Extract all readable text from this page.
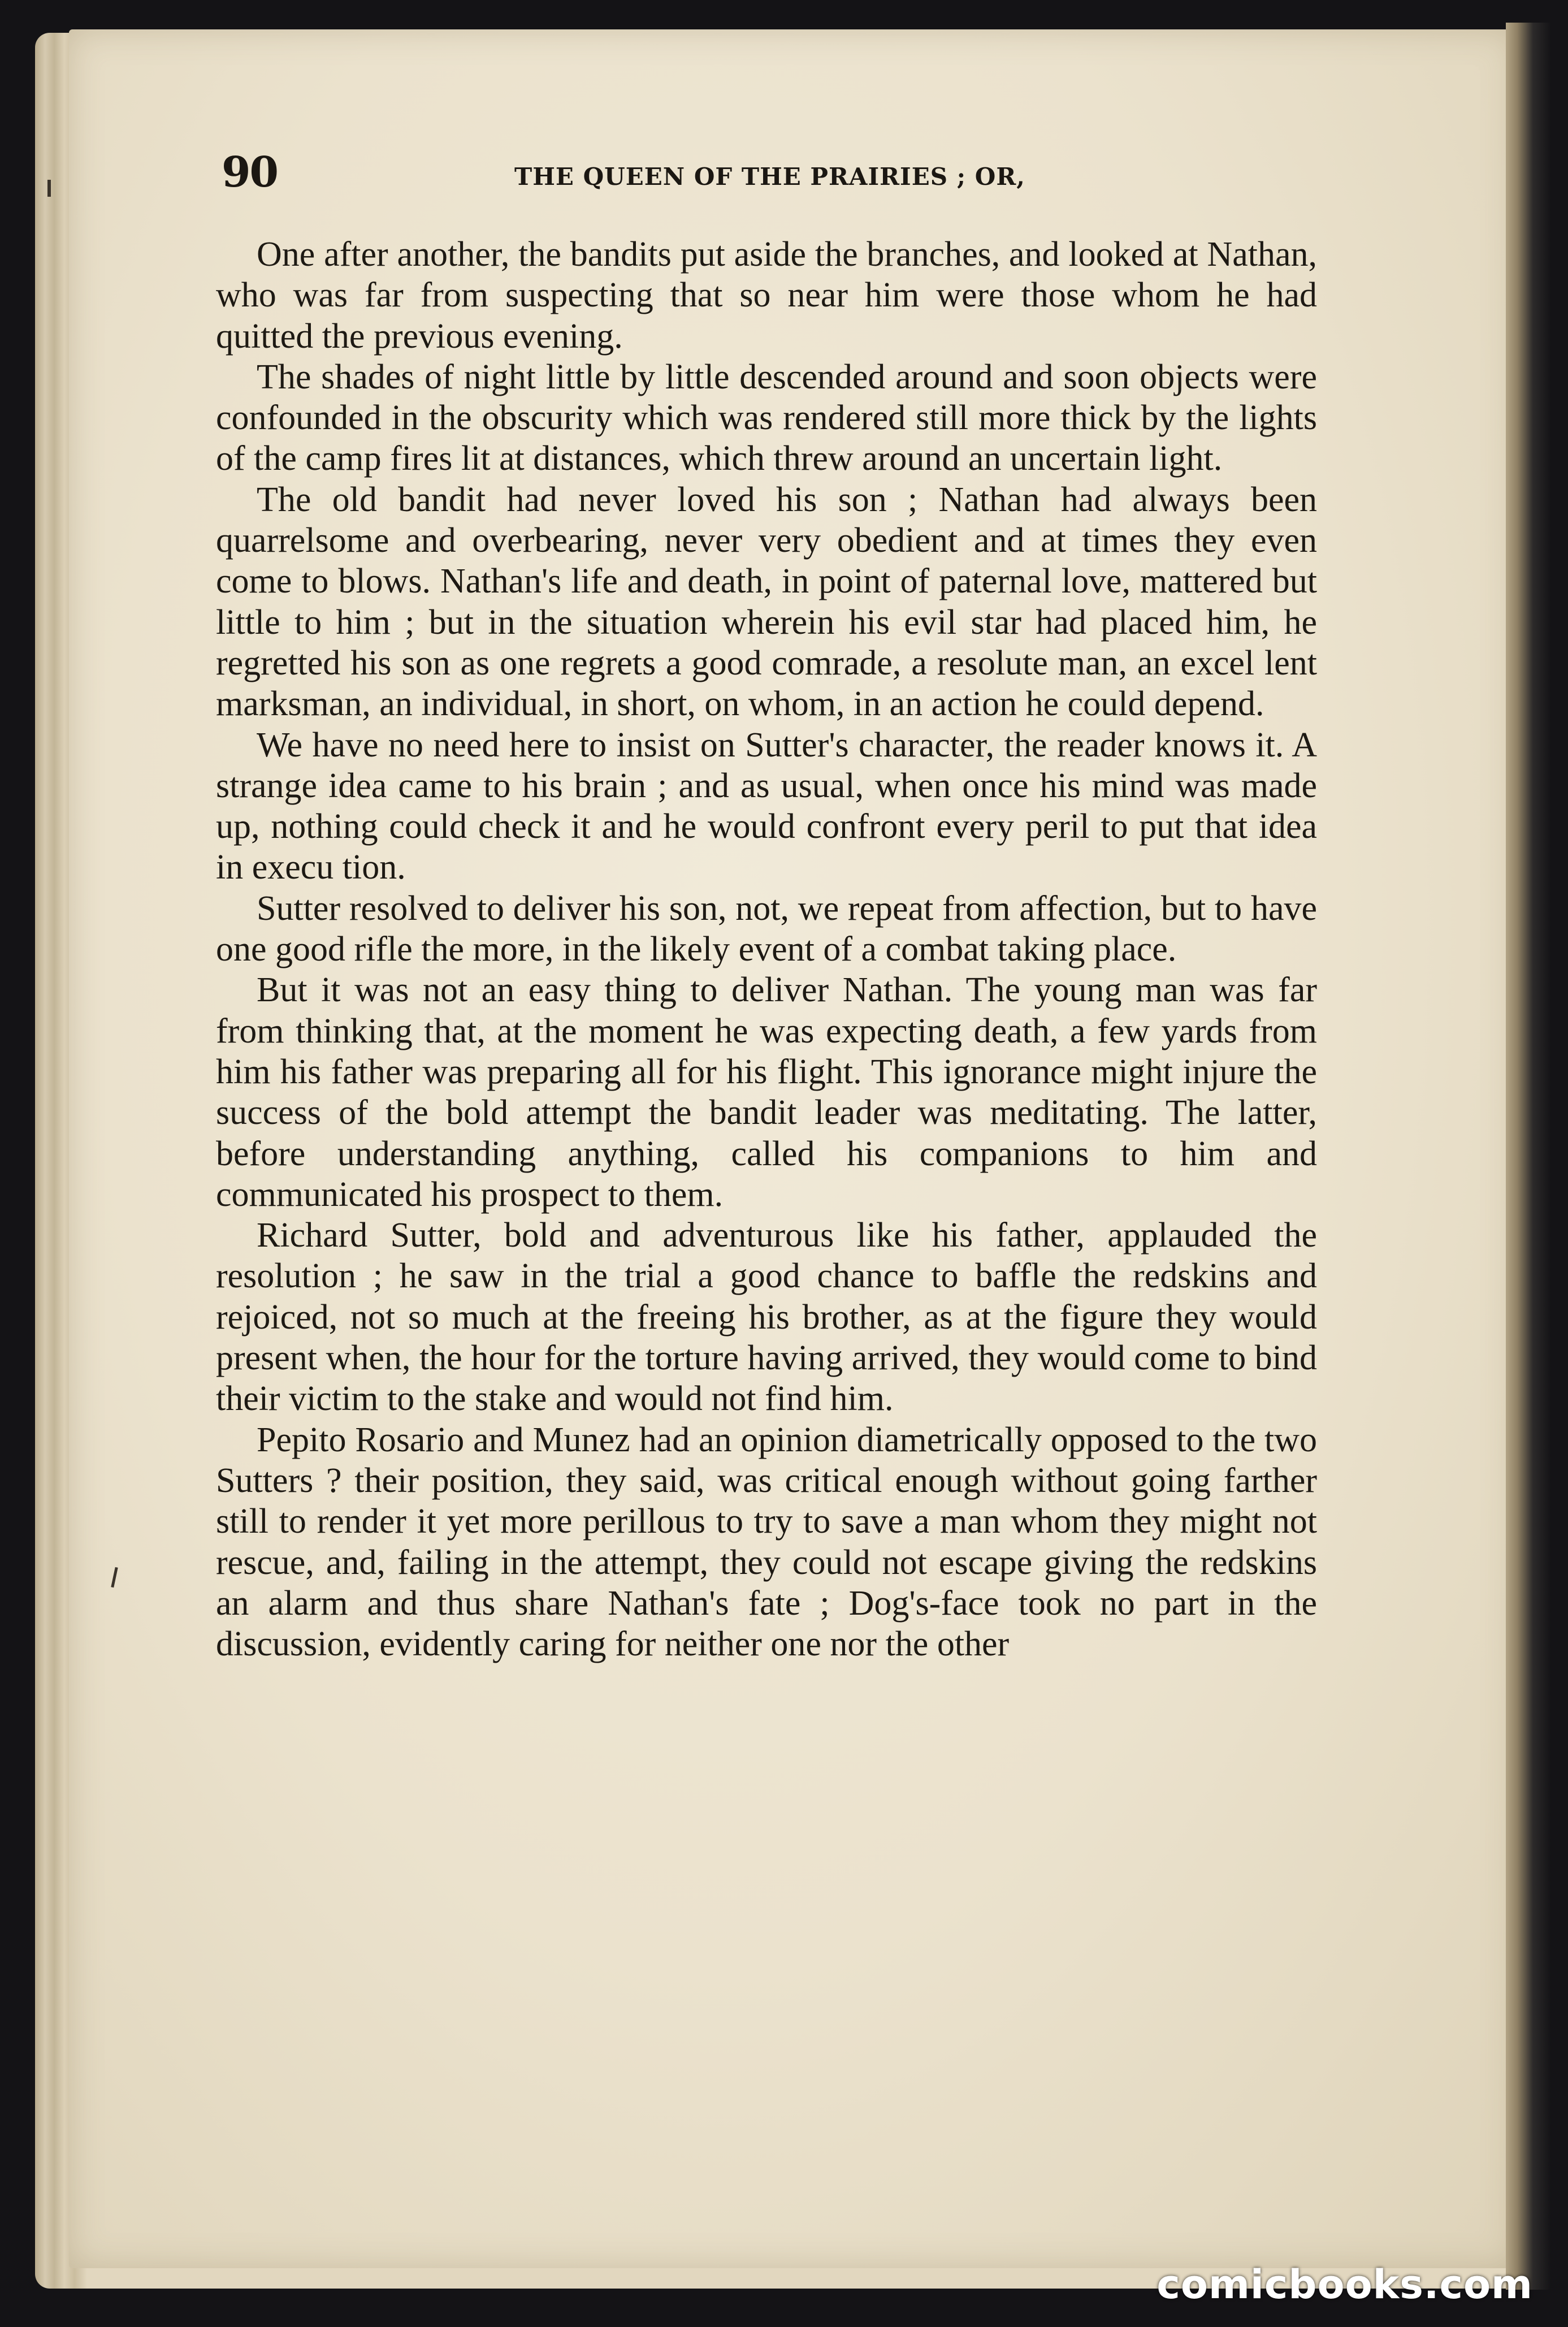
90	THE QUEEN OF THE PRAIRIES ; OR,

One after another, the bandits put aside the branches, and looked at Nathan, who was far from suspecting that so near him were those whom he had quitted the previous evening.

The shades of night little by little descended around and soon objects were confounded in the obscurity which was rendered still more thick by the lights of the camp fires lit at distances, which threw around an uncertain light.

The old bandit had never loved his son ; Nathan had always been quarrelsome and overbearing, never very obedient and at times they even come to blows. Nathan's life and death, in point of paternal love, mattered but little to him ; but in the situation wherein his evil star had placed him, he regretted his son as one regrets a good comrade, a resolute man, an excel lent marksman, an individual, in short, on whom, in an action he could depend.

We have no need here to insist on Sutter's character, the reader knows it. A strange idea came to his brain ; and as usual, when once his mind was made up, nothing could check it and he would confront every peril to put that idea in execu tion.

Sutter resolved to deliver his son, not, we repeat from affection, but to have one good rifle the more, in the likely event of a combat taking place.

But it was not an easy thing to deliver Nathan. The young man was far from thinking that, at the moment he was expecting death, a few yards from him his father was preparing all for his flight. This ignorance might injure the success of the bold attempt the bandit leader was meditating. The latter, before understanding anything, called his companions to him and communicated his prospect to them.

Richard Sutter, bold and adventurous like his father, applauded the resolution ; he saw in the trial a good chance to baffle the redskins and rejoiced, not so much at the freeing his brother, as at the figure they would present when, the hour for the torture having arrived, they would come to bind their victim to the stake and would not find him.

Pepito Rosario and Munez had an opinion diametrically opposed to the two Sutters ? their position, they said, was critical enough without going farther still to render it yet more perillous to try to save a man whom they might not rescue, and, failing in the attempt, they could not escape giving the redskins an alarm and thus share Nathan's fate ; Dog's-face took no part in the discussion, evidently caring for neither one nor the other

comicbooks.com
